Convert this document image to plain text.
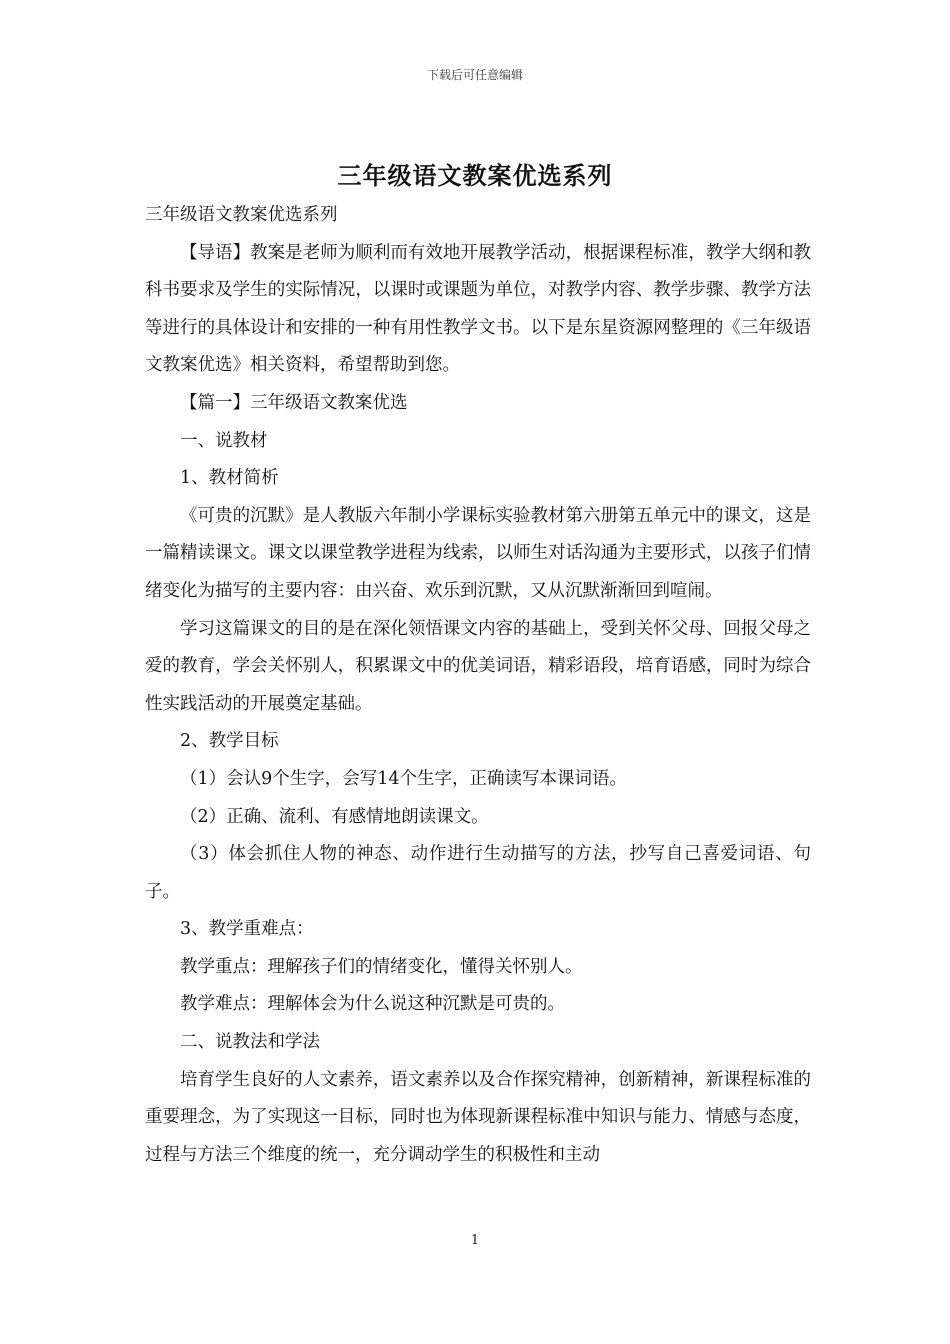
下载后可任意编辑
三年级语文教案优选系列

三年级语文教案优选系列

【导语】教案是老师为顺利而有效地开展教学活动，根据课程标准，教学大纲和教科书要求及学生的实际情况，以课时或课题为单位，对教学内容、教学步骤、教学方法等进行的具体设计和安排的一种有用性教学文书。以下是东星资源网整理的《三年级语文教案优选》相关资料，希望帮助到您。

【篇一】三年级语文教案优选

一、说教材

1、教材简析

《可贵的沉默》是人教版六年制小学课标实验教材第六册第五单元中的课文，这是一篇精读课文。课文以课堂教学进程为线索，以师生对话沟通为主要形式，以孩子们情绪变化为描写的主要内容：由兴奋、欢乐到沉默，又从沉默渐渐回到喧闹。

学习这篇课文的目的是在深化领悟课文内容的基础上，受到关怀父母、回报父母之爱的教育，学会关怀别人，积累课文中的优美词语，精彩语段，培育语感，同时为综合性实践活动的开展奠定基础。

2、教学目标

（1）会认9个生字，会写14个生字，正确读写本课词语。

（2）正确、流利、有感情地朗读课文。

（3）体会抓住人物的神态、动作进行生动描写的方法，抄写自己喜爱词语、句子。

3、教学重难点：

教学重点：理解孩子们的情绪变化，懂得关怀别人。

教学难点：理解体会为什么说这种沉默是可贵的。

二、说教法和学法

培育学生良好的人文素养，语文素养以及合作探究精神，创新精神，新课程标准的重要理念，为了实现这一目标，同时也为体现新课程标准中知识与能力、情感与态度，过程与方法三个维度的统一，充分调动学生的积极性和主动

1
